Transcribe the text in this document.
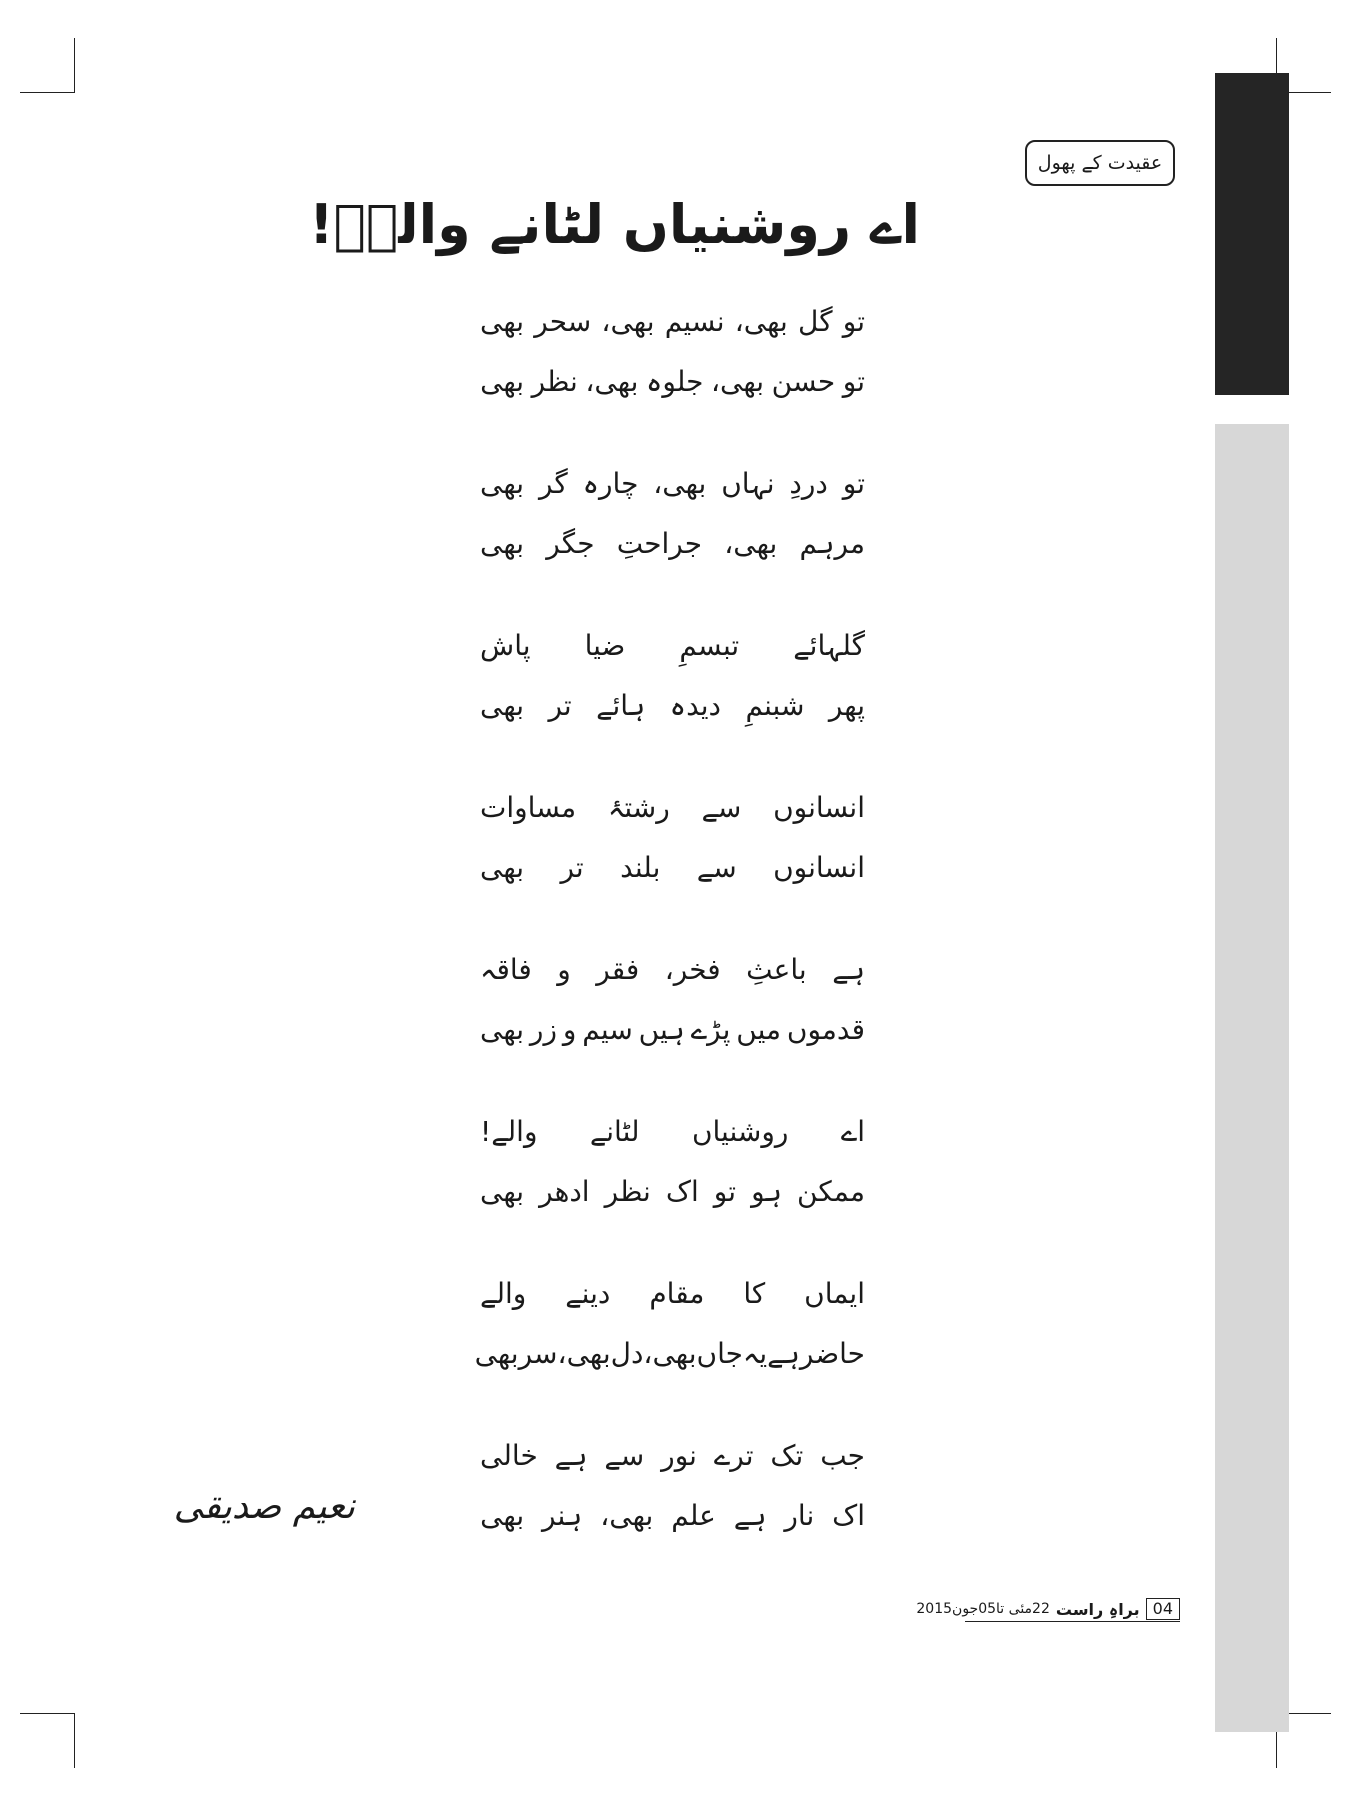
عقیدت کے پھول
اے روشنیاں لٹانے والےؐ!
تو
گل
بھی،
نسیم
بھی،
سحر
بھی
تو
حسن
بھی،
جلوہ
بھی،
نظر
بھی
تو
دردِ
نہاں
بھی،
چارہ
گر
بھی
مرہم
بھی،
جراحتِ
جگر
بھی
گلہائے
تبسمِ
ضیا
پاش
پھر
شبنمِ
دیدہ
ہائے
تر
بھی
انسانوں
سے
رشتۂ
مساوات
انسانوں
سے
بلند
تر
بھی
ہے
باعثِ
فخر،
فقر
و
فاقہ
قدموں
میں
پڑے
ہیں
سیم
و
زر
بھی
اے
روشنیاں
لٹانے
والے!
ممکن
ہو
تو
اک
نظر
ادھر
بھی
ایماں
کا
مقام
دینے
والے
حاضر
ہے
یہ
جاں
بھی،
دل
بھی،
سر
بھی
جب
تک
ترے
نور
سے
ہے
خالی
اک
نار
ہے
علم
بھی،
ہنر
بھی
نعیم صدیقی
04
براہِ راست
22مئی تا05جون2015
